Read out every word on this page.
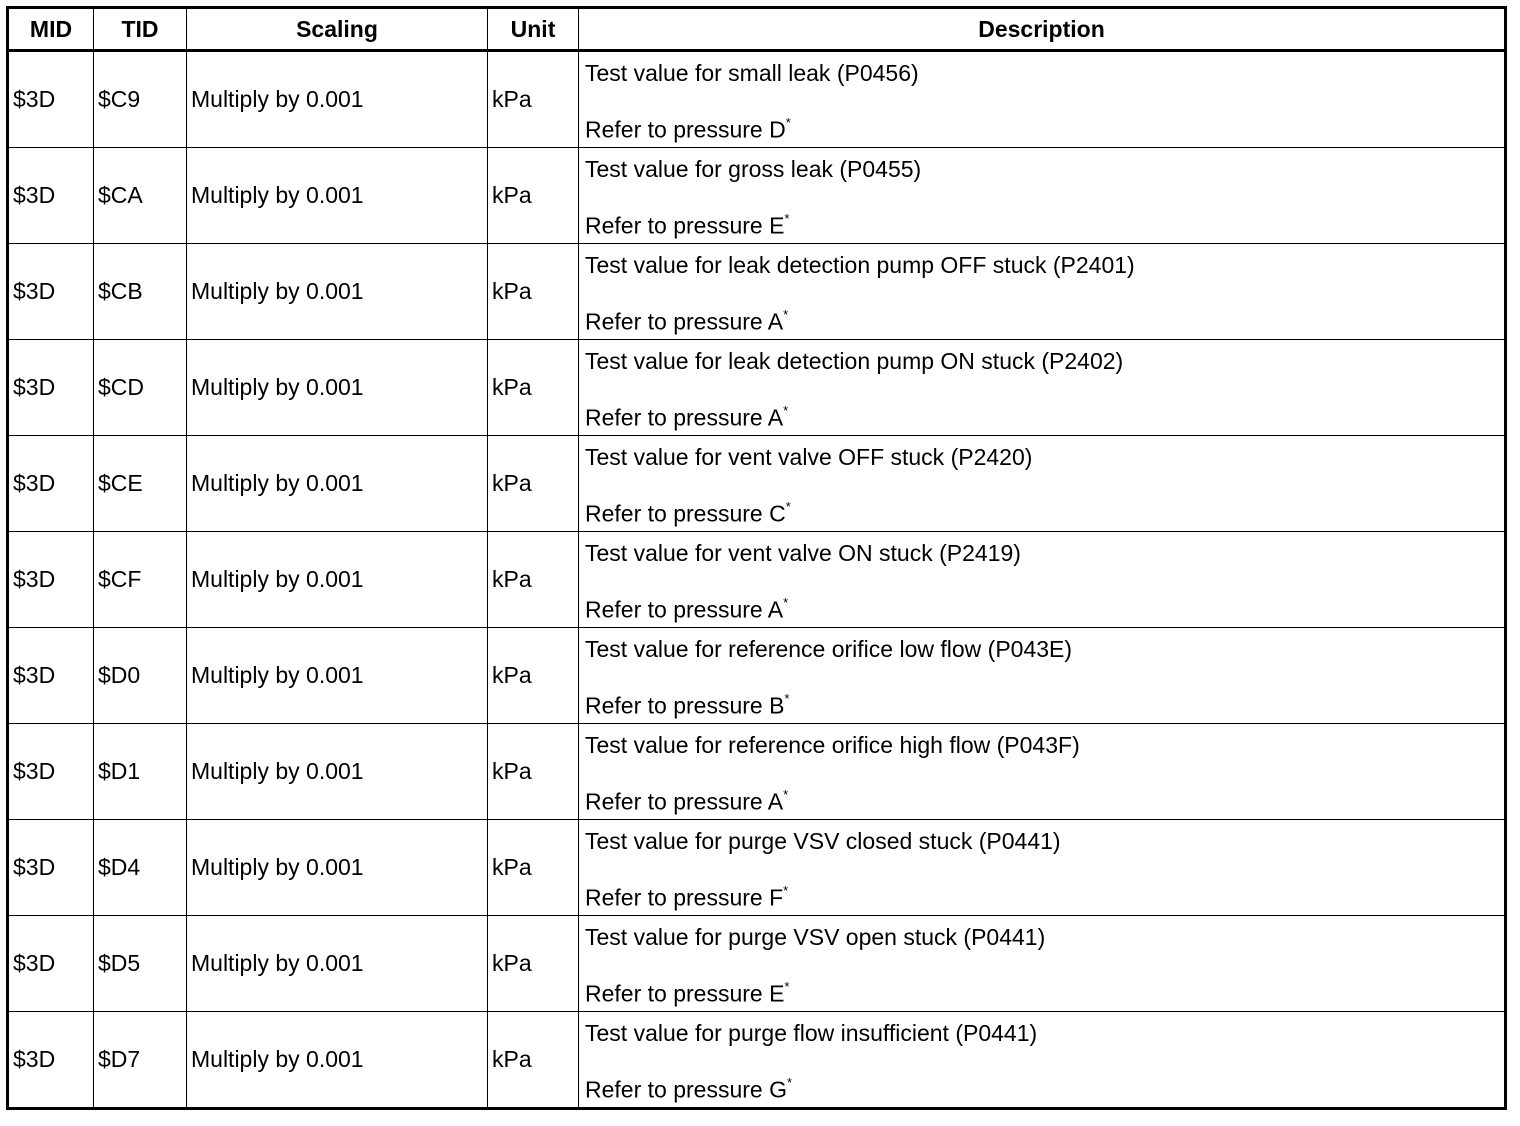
MID	TID	Scaling	Unit	Description
$3D	$C9	Multiply by 0.001	kPa	Test value for small leak (P0456)
Refer to pressure D*

$3D	$CA	Multiply by 0.001	kPa	Test value for gross leak (P0455)
Refer to pressure E*

$3D	$CB	Multiply by 0.001	kPa	Test value for leak detection pump OFF stuck (P2401)
Refer to pressure A*

$3D	$CD	Multiply by 0.001	kPa	Test value for leak detection pump ON stuck (P2402)
Refer to pressure A*

$3D	$CE	Multiply by 0.001	kPa	Test value for vent valve OFF stuck (P2420)
Refer to pressure C*

$3D	$CF	Multiply by 0.001	kPa	Test value for vent valve ON stuck (P2419)
Refer to pressure A*

$3D	$D0	Multiply by 0.001	kPa	Test value for reference orifice low flow (P043E)
Refer to pressure B*

$3D	$D1	Multiply by 0.001	kPa	Test value for reference orifice high flow (P043F)
Refer to pressure A*

$3D	$D4	Multiply by 0.001	kPa	Test value for purge VSV closed stuck (P0441)
Refer to pressure F*

$3D	$D5	Multiply by 0.001	kPa	Test value for purge VSV open stuck (P0441)
Refer to pressure E*

$3D	$D7	Multiply by 0.001	kPa	Test value for purge flow insufficient (P0441)
Refer to pressure G*
